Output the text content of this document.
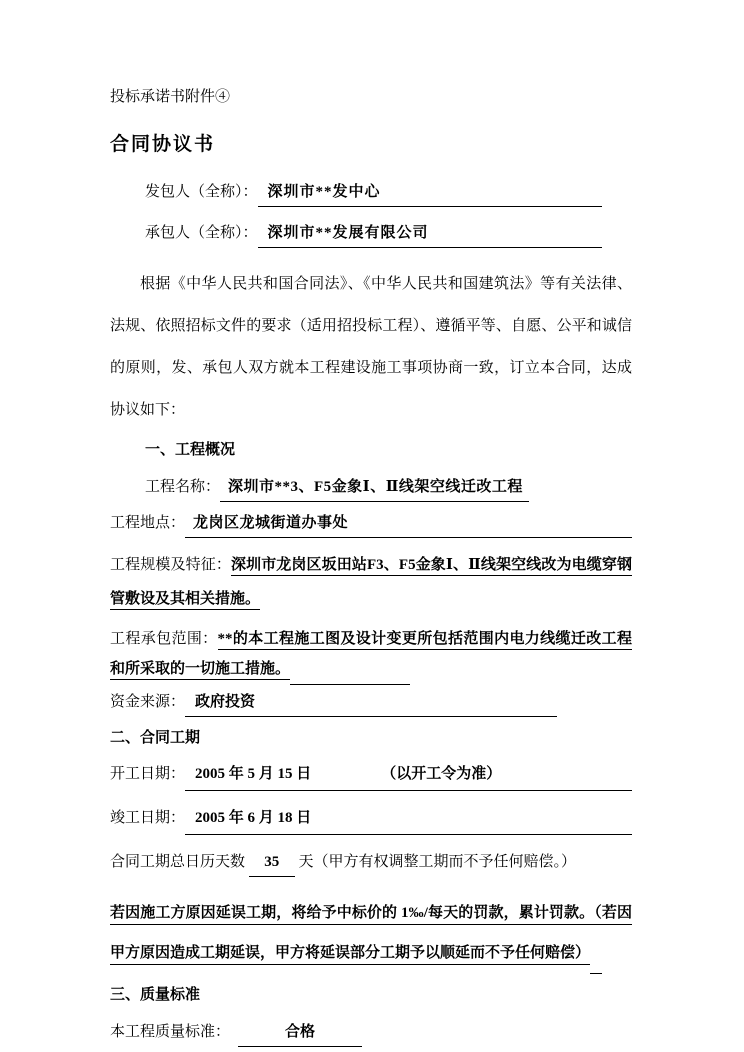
投标承诺书附件④
合同协议书
发包人（全称）： 深圳市**发中心
承包人（全称）： 深圳市**发展有限公司

根据《中华人民共和国合同法》、《中华人民共和国建筑法》等有关法律、法规、依照招标文件的要求（适用招投标工程）、遵循平等、自愿、公平和诚信的原则，发、承包人双方就本工程建设施工事项协商一致，订立本合同，达成协议如下：

一、工程概况
工程名称： 深圳市**3、F5金象Ⅰ、Ⅱ线架空线迁改工程
工程地点： 龙岗区龙城街道办事处

工程规模及特征：深圳市龙岗区坂田站F3、F5金象Ⅰ、Ⅱ线架空线改为电缆穿钢管敷设及其相关措施。

工程承包范围：**的本工程施工图及设计变更所包括范围内电力线缆迁改工程和所采取的一切施工措施。

资金来源： 政府投资
二、合同工期
开工日期： 2005 年 5 月 15 日	（以开工令为准）
竣工日期： 2005 年 6 月 18 日
合同工期总日历天数 35 天（甲方有权调整工期而不予任何赔偿。）

若因施工方原因延误工期，将给予中标价的 1‰/每天的罚款，累计罚款。（若因甲方原因造成工期延误，甲方将延误部分工期予以顺延而不予任何赔偿）

三、质量标准
本工程质量标准：	合格
